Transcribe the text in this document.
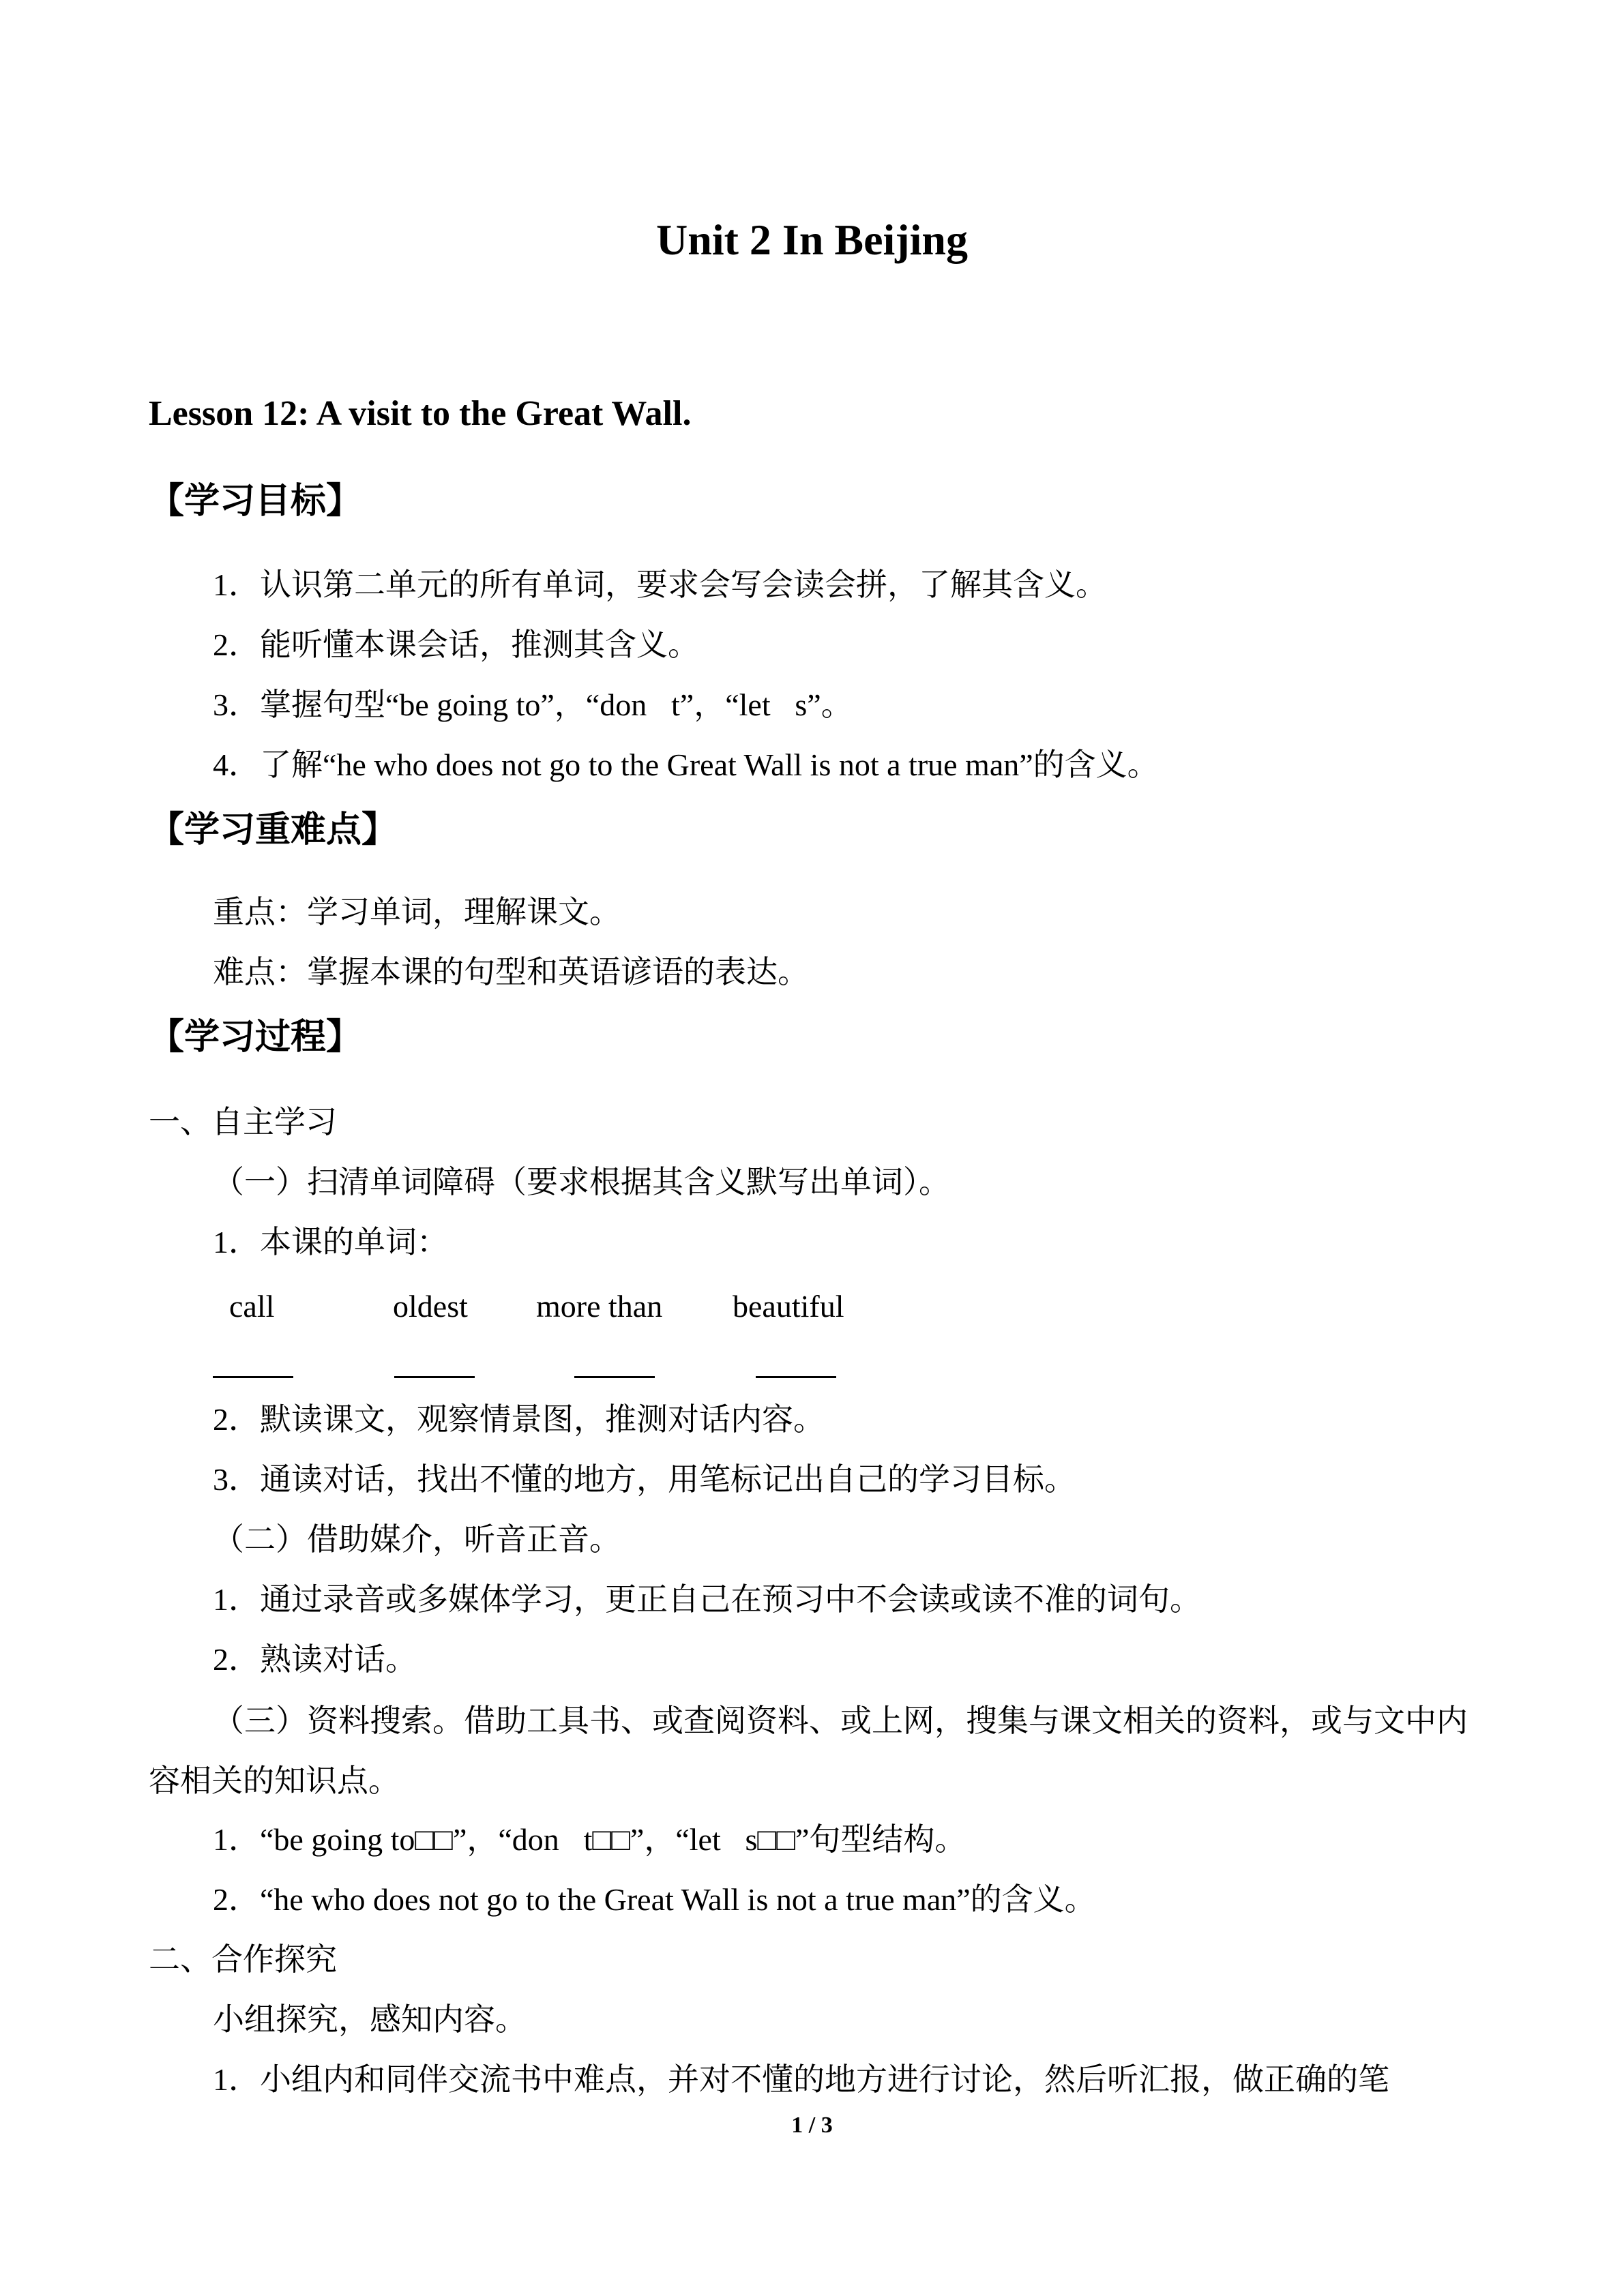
Unit 2 In Beijing
Lesson 12: A visit to the Great Wall.
【学习目标】
1．认识第二单元的所有单词，要求会写会读会拼，了解其含义。
2．能听懂本课会话，推测其含义。
3．掌握句型“be going to”，“don t”，“let s”。
4．了解“he who does not go to the Great Wall is not a true man”的含义。
【学习重难点】
重点：学习单词，理解课文。
难点：掌握本课的句型和英语谚语的表达。
【学习过程】
一、自主学习
（一）扫清单词障碍（要求根据其含义默写出单词）。
1．本课的单词：
call	oldest more than beautiful
2．默读课文，观察情景图，推测对话内容。
3．通读对话，找出不懂的地方，用笔标记出自己的学习目标。
（二）借助媒介，听音正音。
1．通过录音或多媒体学习，更正自己在预习中不会读或读不准的词句。
2．熟读对话。
（三）资料搜索。借助工具书、或查阅资料、或上网，搜集与课文相关的资料，或与文中内容相关的知识点。
1．“be going to□□”，“don t□□”，“let s□□”句型结构。
2．“he who does not go to the Great Wall is not a true man”的含义。
二、合作探究
小组探究，感知内容。
1．小组内和同伴交流书中难点，并对不懂的地方进行讨论，然后听汇报，做正确的笔
1 / 3
